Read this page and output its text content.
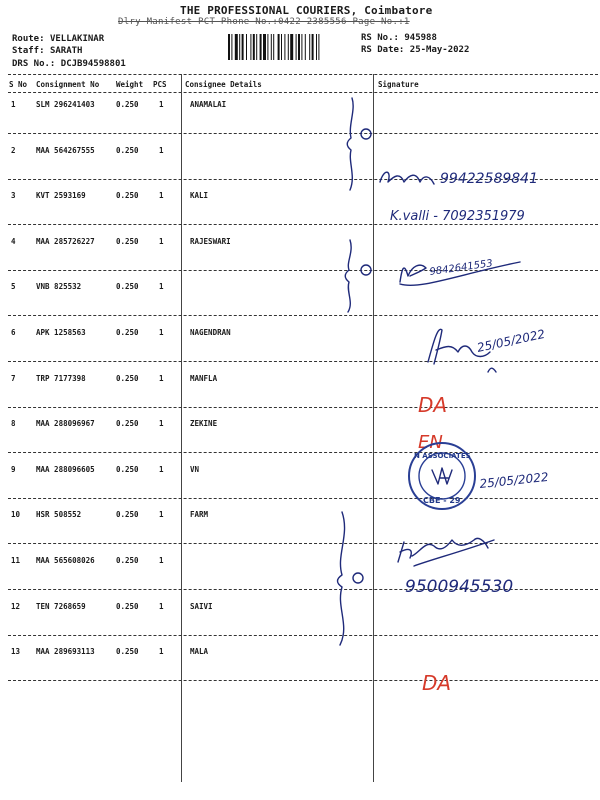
THE PROFESSIONAL COURIERS, Coimbatore
Dlry Manifest PCT Phone No.:0422 2385556 Page No.:1
Route: VELLAKINAR
Staff: SARATH
DRS No.: DCJB94598801
RS No.: 945988
RS Date: 25-May-2022
S No Consignment No Weight PCS Consignee Details	Signature
1	SLM 296241403	0.250	1	ANAMALAI
2	MAA 564267555	0.250	1
3	KVT 2593169	0.250	1	KALI
4	MAA 285726227	0.250	1	RAJESWARI
5	VNB 825532	0.250	1
6	APK 1258563	0.250	1	NAGENDRAN
7	TRP 7177398	0.250	1	MANFLA
8	MAA 288096967	0.250	1	ZEKINE
9	MAA 288096605	0.250	1	VN
10 HSR 508552	0.250	1	FARM
11 MAA 565608026	0.250	1
12 TEN 7268659	0.250	1	SAIVI
13 MAA 289693113	0.250	1	MALA
99422589841
K.valli - 7092351979
9842641553
25/05/2022
DA
EN
N ASSOCIATES
CBE - 29
25/05/2022
9500945530
DA
